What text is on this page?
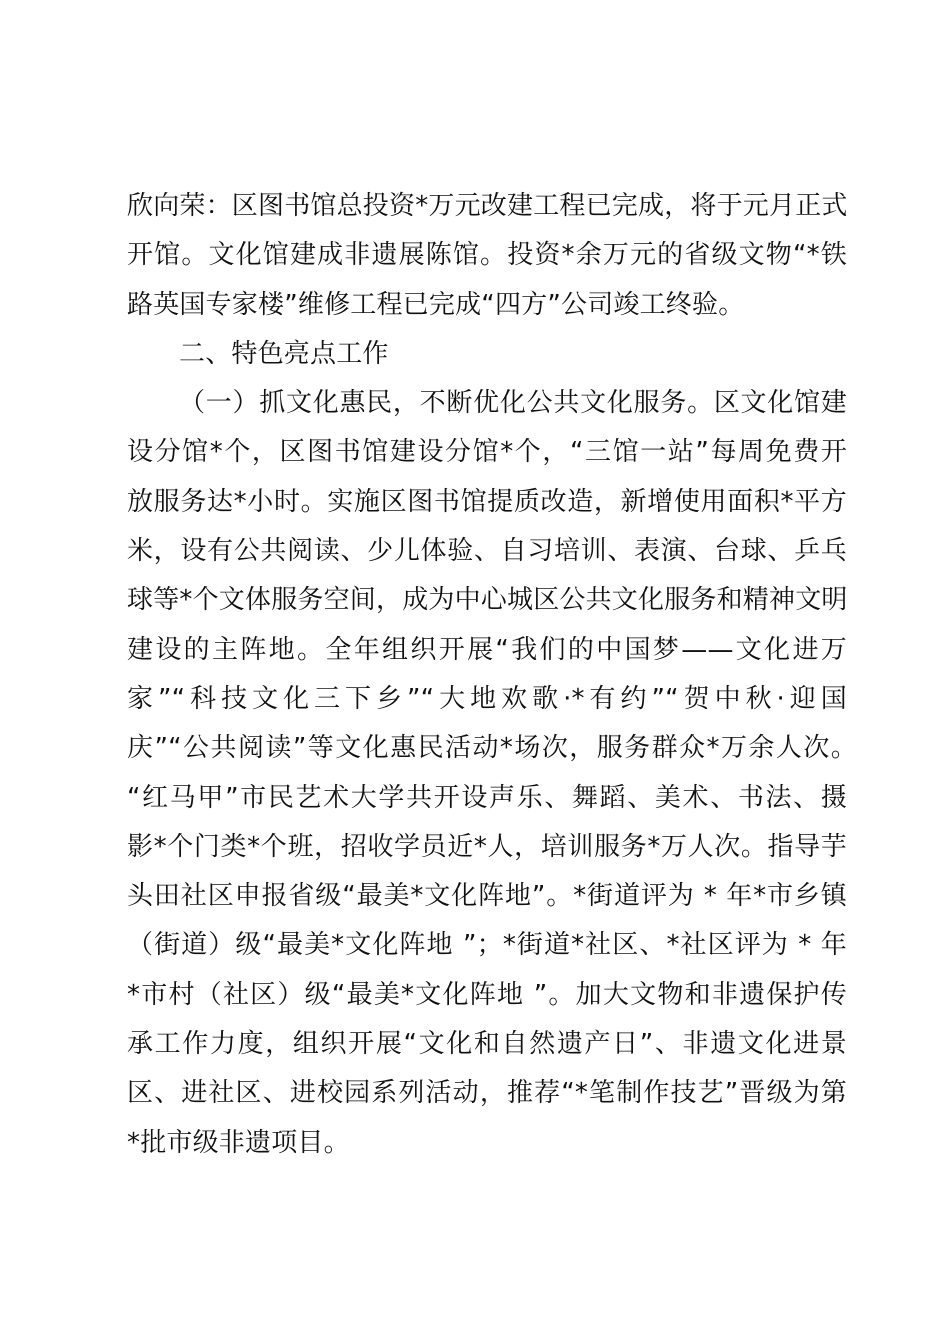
欣向荣：区图书馆总投资*万元改建工程已完成，将于元月正式
开馆。文化馆建成非遗展陈馆。投资*余万元的省级文物“*铁
路英国专家楼”维修工程已完成“四方”公司竣工终验。
二、特色亮点工作
（一）抓文化惠民，不断优化公共文化服务。区文化馆建
设分馆*个，区图书馆建设分馆*个，“三馆一站”每周免费开
放服务达*小时。实施区图书馆提质改造，新增使用面积*平方
米，设有公共阅读、少儿体验、自习培训、表演、台球、乒乓
球等*个文体服务空间，成为中心城区公共文化服务和精神文明
建设的主阵地。全年组织开展“我们的中国梦——文化进万
家”“科技文化三下乡”“大地欢歌·*有约”“贺中秋·迎国
庆”“公共阅读”等文化惠民活动*场次，服务群众*万余人次。
“红马甲”市民艺术大学共开设声乐、舞蹈、美术、书法、摄
影*个门类*个班，招收学员近*人，培训服务*万人次。指导芋
头田社区申报省级“最美*文化阵地”。*街道评为 * 年*市乡镇
（街道）级“最美*文化阵地 ”；*街道*社区、*社区评为 * 年
*市村（社区）级“最美*文化阵地 ”。加大文物和非遗保护传
承工作力度，组织开展“文化和自然遗产日”、非遗文化进景
区、进社区、进校园系列活动，推荐“*笔制作技艺”晋级为第
*批市级非遗项目。
